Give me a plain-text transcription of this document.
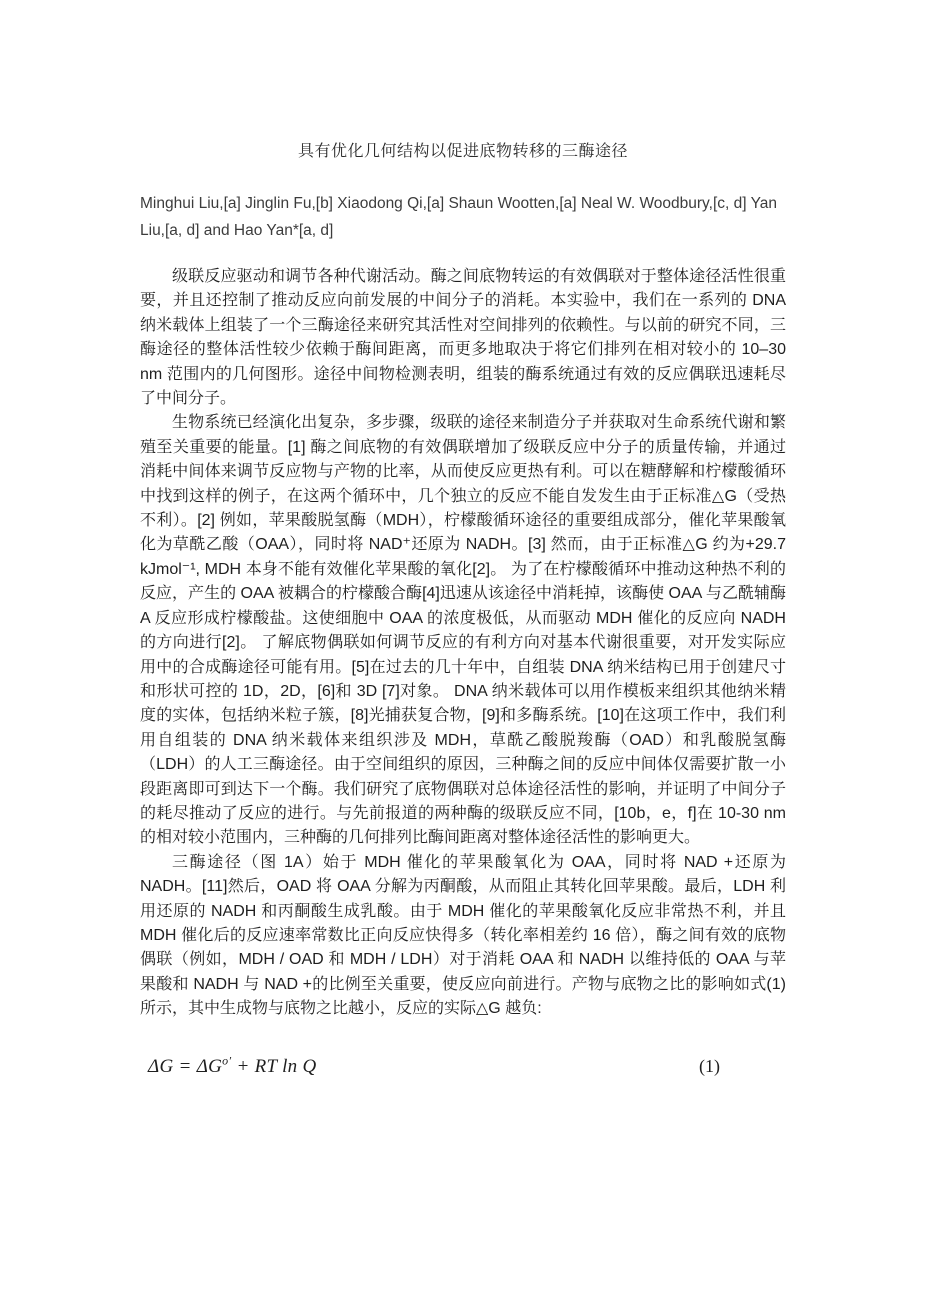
具有优化几何结构以促进底物转移的三酶途径

Minghui Liu,[a] Jinglin Fu,[b] Xiaodong Qi,[a] Shaun Wootten,[a] Neal W. Woodbury,[c, d] Yan Liu,[a, d] and Hao Yan*[a, d]

级联反应驱动和调节各种代谢活动。酶之间底物转运的有效偶联对于整体途径活性很重要，并且还控制了推动反应向前发展的中间分子的消耗。本实验中，我们在一系列的 DNA 纳米载体上组装了一个三酶途径来研究其活性对空间排列的依赖性。与以前的研究不同，三酶途径的整体活性较少依赖于酶间距离，而更多地取决于将它们排列在相对较小的 10–30 nm 范围内的几何图形。途径中间物检测表明，组装的酶系统通过有效的反应偶联迅速耗尽了中间分子。

生物系统已经演化出复杂，多步骤，级联的途径来制造分子并获取对生命系统代谢和繁殖至关重要的能量。[1] 酶之间底物的有效偶联增加了级联反应中分子的质量传输，并通过消耗中间体来调节反应物与产物的比率，从而使反应更热有利。可以在糖酵解和柠檬酸循环中找到这样的例子，在这两个循环中，几个独立的反应不能自发发生由于正标准△G（受热不利）。[2] 例如，苹果酸脱氢酶（MDH），柠檬酸循环途径的重要组成部分，催化苹果酸氧化为草酰乙酸（OAA），同时将 NAD⁺还原为 NADH。[3] 然而，由于正标准△G 约为+29.7 kJmol⁻¹, MDH 本身不能有效催化苹果酸的氧化[2]。 为了在柠檬酸循环中推动这种热不利的反应，产生的 OAA 被耦合的柠檬酸合酶[4]迅速从该途径中消耗掉，该酶使 OAA 与乙酰辅酶 A 反应形成柠檬酸盐。这使细胞中 OAA 的浓度极低，从而驱动 MDH 催化的反应向 NADH 的方向进行[2]。 了解底物偶联如何调节反应的有利方向对基本代谢很重要，对开发实际应用中的合成酶途径可能有用。[5]在过去的几十年中，自组装 DNA 纳米结构已用于创建尺寸和形状可控的 1D，2D，[6]和 3D [7]对象。 DNA 纳米载体可以用作模板来组织其他纳米精度的实体，包括纳米粒子簇，[8]光捕获复合物，[9]和多酶系统。[10]在这项工作中，我们利用自组装的 DNA 纳米载体来组织涉及 MDH，草酰乙酸脱羧酶（OAD）和乳酸脱氢酶（LDH）的人工三酶途径。由于空间组织的原因，三种酶之间的反应中间体仅需要扩散一小段距离即可到达下一个酶。我们研究了底物偶联对总体途径活性的影响，并证明了中间分子的耗尽推动了反应的进行。与先前报道的两种酶的级联反应不同，[10b，e，f]在 10-30 nm 的相对较小范围内，三种酶的几何排列比酶间距离对整体途径活性的影响更大。

三酶途径（图 1A）始于 MDH 催化的苹果酸氧化为 OAA，同时将 NAD +还原为 NADH。[11]然后，OAD 将 OAA 分解为丙酮酸，从而阻止其转化回苹果酸。最后，LDH 利用还原的 NADH 和丙酮酸生成乳酸。由于 MDH 催化的苹果酸氧化反应非常热不利，并且 MDH 催化后的反应速率常数比正向反应快得多（转化率相差约 16 倍），酶之间有效的底物偶联（例如，MDH / OAD 和 MDH / LDH）对于消耗 OAA 和 NADH 以维持低的 OAA 与苹果酸和 NADH 与 NAD +的比例至关重要，使反应向前进行。产物与底物之比的影响如式(1)所示，其中生成物与底物之比越小，反应的实际△G 越负:

$\Delta G = \Delta G^{o'}$ + RT ln Q	(1)
